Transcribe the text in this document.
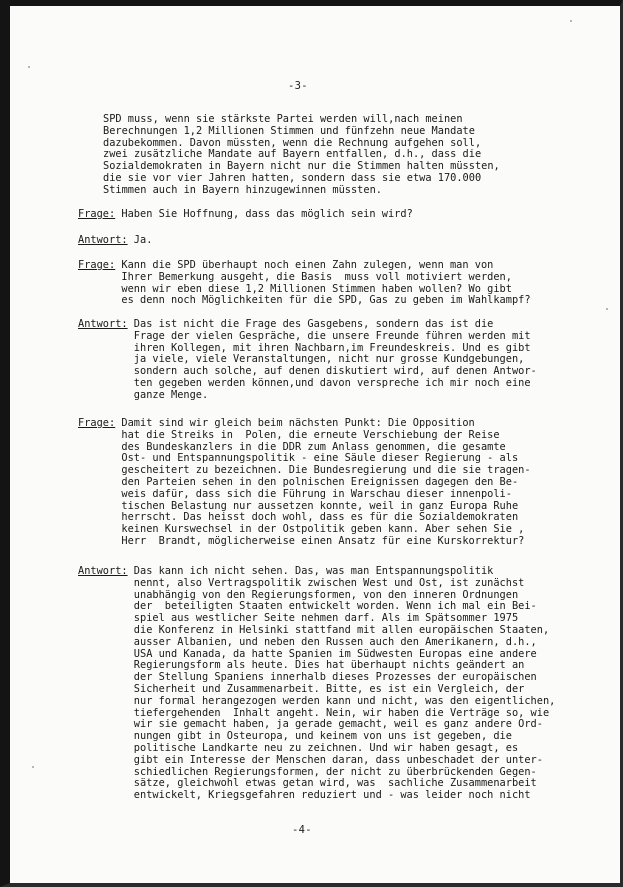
-3-
SPD muss, wenn sie stärkste Partei werden will,nach meinen
Berechnungen 1,2 Millionen Stimmen und fünfzehn neue Mandate
dazubekommen. Davon müssten, wenn die Rechnung aufgehen soll,
zwei zusätzliche Mandate auf Bayern entfallen, d.h., dass die
Sozialdemokraten in Bayern nicht nur die Stimmen halten müssten,
die sie vor vier Jahren hatten, sondern dass sie etwa 170.000
Stimmen auch in Bayern hinzugewinnen müssten.
Frage: Haben Sie Hoffnung, dass das möglich sein wird?
Antwort: Ja.
Frage: Kann die SPD überhaupt noch einen Zahn zulegen, wenn man von
Ihrer Bemerkung ausgeht, die Basis  muss voll motiviert werden,
wenn wir eben diese 1,2 Millionen Stimmen haben wollen? Wo gibt
es denn noch Möglichkeiten für die SPD, Gas zu geben im Wahlkampf?
Antwort: Das ist nicht die Frage des Gasgebens, sondern das ist die
Frage der vielen Gespräche, die unsere Freunde führen werden mit
ihren Kollegen, mit ihren Nachbarn,im Freundeskreis. Und es gibt
ja viele, viele Veranstaltungen, nicht nur grosse Kundgebungen,
sondern auch solche, auf denen diskutiert wird, auf denen Antwor-
ten gegeben werden können,und davon verspreche ich mir noch eine
ganze Menge.
Frage: Damit sind wir gleich beim nächsten Punkt: Die Opposition
hat die Streiks in  Polen, die erneute Verschiebung der Reise
des Bundeskanzlers in die DDR zum Anlass genommen, die gesamte
Ost- und Entspannungspolitik - eine Säule dieser Regierung - als
gescheitert zu bezeichnen. Die Bundesregierung und die sie tragen-
den Parteien sehen in den polnischen Ereignissen dagegen den Be-
weis dafür, dass sich die Führung in Warschau dieser innenpoli-
tischen Belastung nur aussetzen konnte, weil in ganz Europa Ruhe
herrscht. Das heisst doch wohl, dass es für die Sozialdemokraten
keinen Kurswechsel in der Ostpolitik geben kann. Aber sehen Sie ,
Herr  Brandt, möglicherweise einen Ansatz für eine Kurskorrektur?
Antwort: Das kann ich nicht sehen. Das, was man Entspannungspolitik
nennt, also Vertragspolitik zwischen West und Ost, ist zunächst
unabhängig von den Regierungsformen, von den inneren Ordnungen
der  beteiligten Staaten entwickelt worden. Wenn ich mal ein Bei-
spiel aus westlicher Seite nehmen darf. Als im Spätsommer 1975
die Konferenz in Helsinki stattfand mit allen europäischen Staaten,
ausser Albanien, und neben den Russen auch den Amerikanern, d.h.,
USA und Kanada, da hatte Spanien im Südwesten Europas eine andere
Regierungsform als heute. Dies hat überhaupt nichts geändert an
der Stellung Spaniens innerhalb dieses Prozesses der europäischen
Sicherheit und Zusammenarbeit. Bitte, es ist ein Vergleich, der
nur formal herangezogen werden kann und nicht, was den eigentlichen,
tiefergehenden  Inhalt angeht. Nein, wir haben die Verträge so, wie
wir sie gemacht haben, ja gerade gemacht, weil es ganz andere Ord-
nungen gibt in Osteuropa, und keinem von uns ist gegeben, die
politische Landkarte neu zu zeichnen. Und wir haben gesagt, es
gibt ein Interesse der Menschen daran, dass unbeschadet der unter-
schiedlichen Regierungsformen, der nicht zu überbrückenden Gegen-
sätze, gleichwohl etwas getan wird, was  sachliche Zusammenarbeit
entwickelt, Kriegsgefahren reduziert und - was leider noch nicht
-4-
